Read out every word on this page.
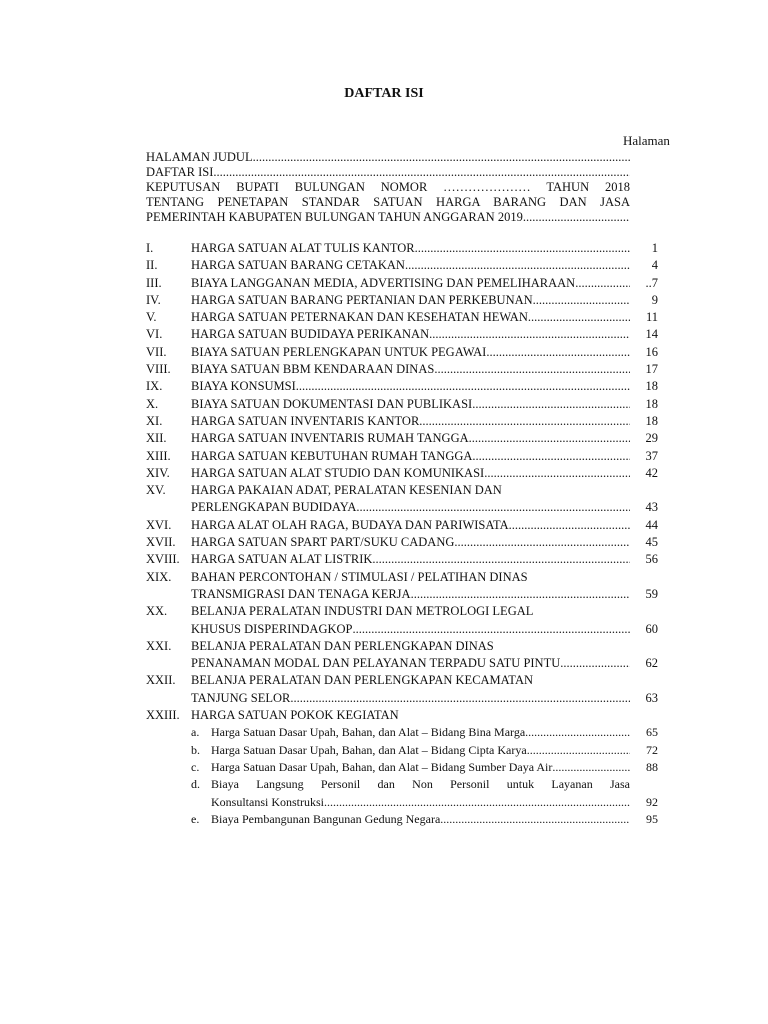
DAFTAR ISI
Halaman
HALAMAN JUDUL
.....
DAFTAR ISI
.....
KEPUTUSAN BUPATI BULUNGAN NOMOR ………………… TAHUN 2018
TENTANG PENETAPAN STANDAR SATUAN HARGA BARANG DAN JASA
PEMERINTAH KABUPATEN BULUNGAN TAHUN ANGGARAN 2019
.....
I.	HARGA SATUAN ALAT TULIS KANTOR .....	1
II.	HARGA SATUAN BARANG CETAKAN .....	4
III.	BIAYA LANGGANAN MEDIA, ADVERTISING DAN PEMELIHARAAN .....	..7
IV.	HARGA SATUAN BARANG PERTANIAN DAN PERKEBUNAN .....	9
V.	HARGA SATUAN PETERNAKAN DAN KESEHATAN HEWAN .....	11
VI.	HARGA SATUAN BUDIDAYA PERIKANAN .....	14
VII.	BIAYA SATUAN PERLENGKAPAN UNTUK PEGAWAI .....	16
VIII.	BIAYA SATUAN BBM KENDARAAN DINAS .....	17
IX.	BIAYA KONSUMSI .....	18
X.	BIAYA SATUAN DOKUMENTASI DAN PUBLIKASI .....	18
XI.	HARGA SATUAN INVENTARIS KANTOR .....	18
XII.	HARGA SATUAN INVENTARIS RUMAH TANGGA .....	29
XIII.	HARGA SATUAN KEBUTUHAN RUMAH TANGGA .....	37
XIV.	HARGA SATUAN ALAT STUDIO DAN KOMUNIKASI .....	42
XV.	HARGA PAKAIAN ADAT, PERALATAN KESENIAN DAN
PERLENGKAPAN BUDIDAYA .....	43
XVI.	HARGA ALAT OLAH RAGA, BUDAYA DAN PARIWISATA .....	44
XVII.	HARGA SATUAN SPART PART/SUKU CADANG .....	45
XVIII. HARGA SATUAN ALAT LISTRIK .....	56
XIX.	BAHAN PERCONTOHAN / STIMULASI / PELATIHAN DINAS
TRANSMIGRASI DAN TENAGA KERJA .....	59
XX.	BELANJA PERALATAN INDUSTRI DAN METROLOGI LEGAL
KHUSUS DISPERINDAGKOP .....	60
XXI.	BELANJA PERALATAN DAN PERLENGKAPAN DINAS
PENANAMAN MODAL DAN PELAYANAN TERPADU SATU PINTU .....	62
XXII.	BELANJA PERALATAN DAN PERLENGKAPAN KECAMATAN
TANJUNG SELOR .....	63
XXIII. HARGA SATUAN POKOK KEGIATAN
a. Harga Satuan Dasar Upah, Bahan, dan Alat – Bidang Bina Marga .....	65
b. Harga Satuan Dasar Upah, Bahan, dan Alat – Bidang Cipta Karya .....	72
c. Harga Satuan Dasar Upah, Bahan, dan Alat – Bidang Sumber Daya Air .....	88
d. Biaya Langsung Personil dan Non Personil untuk Layanan Jasa
Konsultansi Konstruksi .....	92
e. Biaya Pembangunan Bangunan Gedung Negara .....	95
